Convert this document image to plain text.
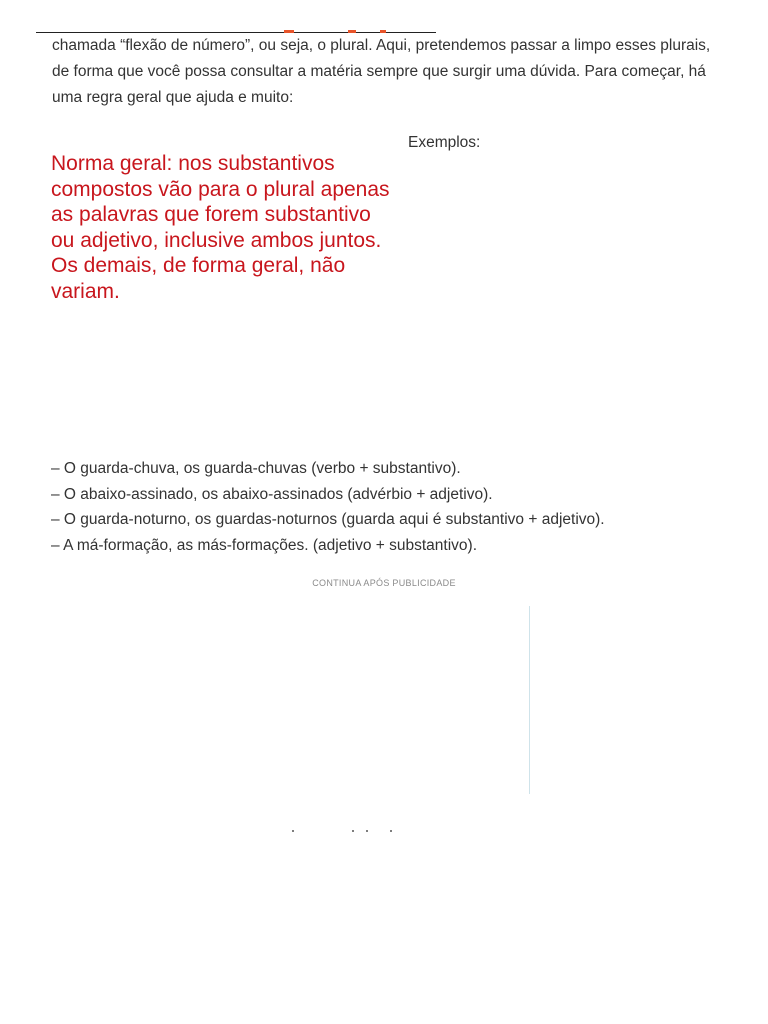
chamada “flexão de número”, ou seja, o plural. Aqui, pretendemos passar a limpo esses plurais, de forma que você possa consultar a matéria sempre que surgir uma dúvida. Para começar, há uma regra geral que ajuda e muito:

Exemplos:

Norma geral: nos substantivos compostos vão para o plural apenas as palavras que forem substantivo ou adjetivo, inclusive ambos juntos. Os demais, de forma geral, não variam.

– O guarda-chuva, os guarda-chuvas (verbo + substantivo).
– O abaixo-assinado, os abaixo-assinados (advérbio + adjetivo).
– O guarda-noturno, os guardas-noturnos (guarda aqui é substantivo + adjetivo).
– A má-formação, as más-formações. (adjetivo + substantivo).

CONTINUA APÓS PUBLICIDADE
